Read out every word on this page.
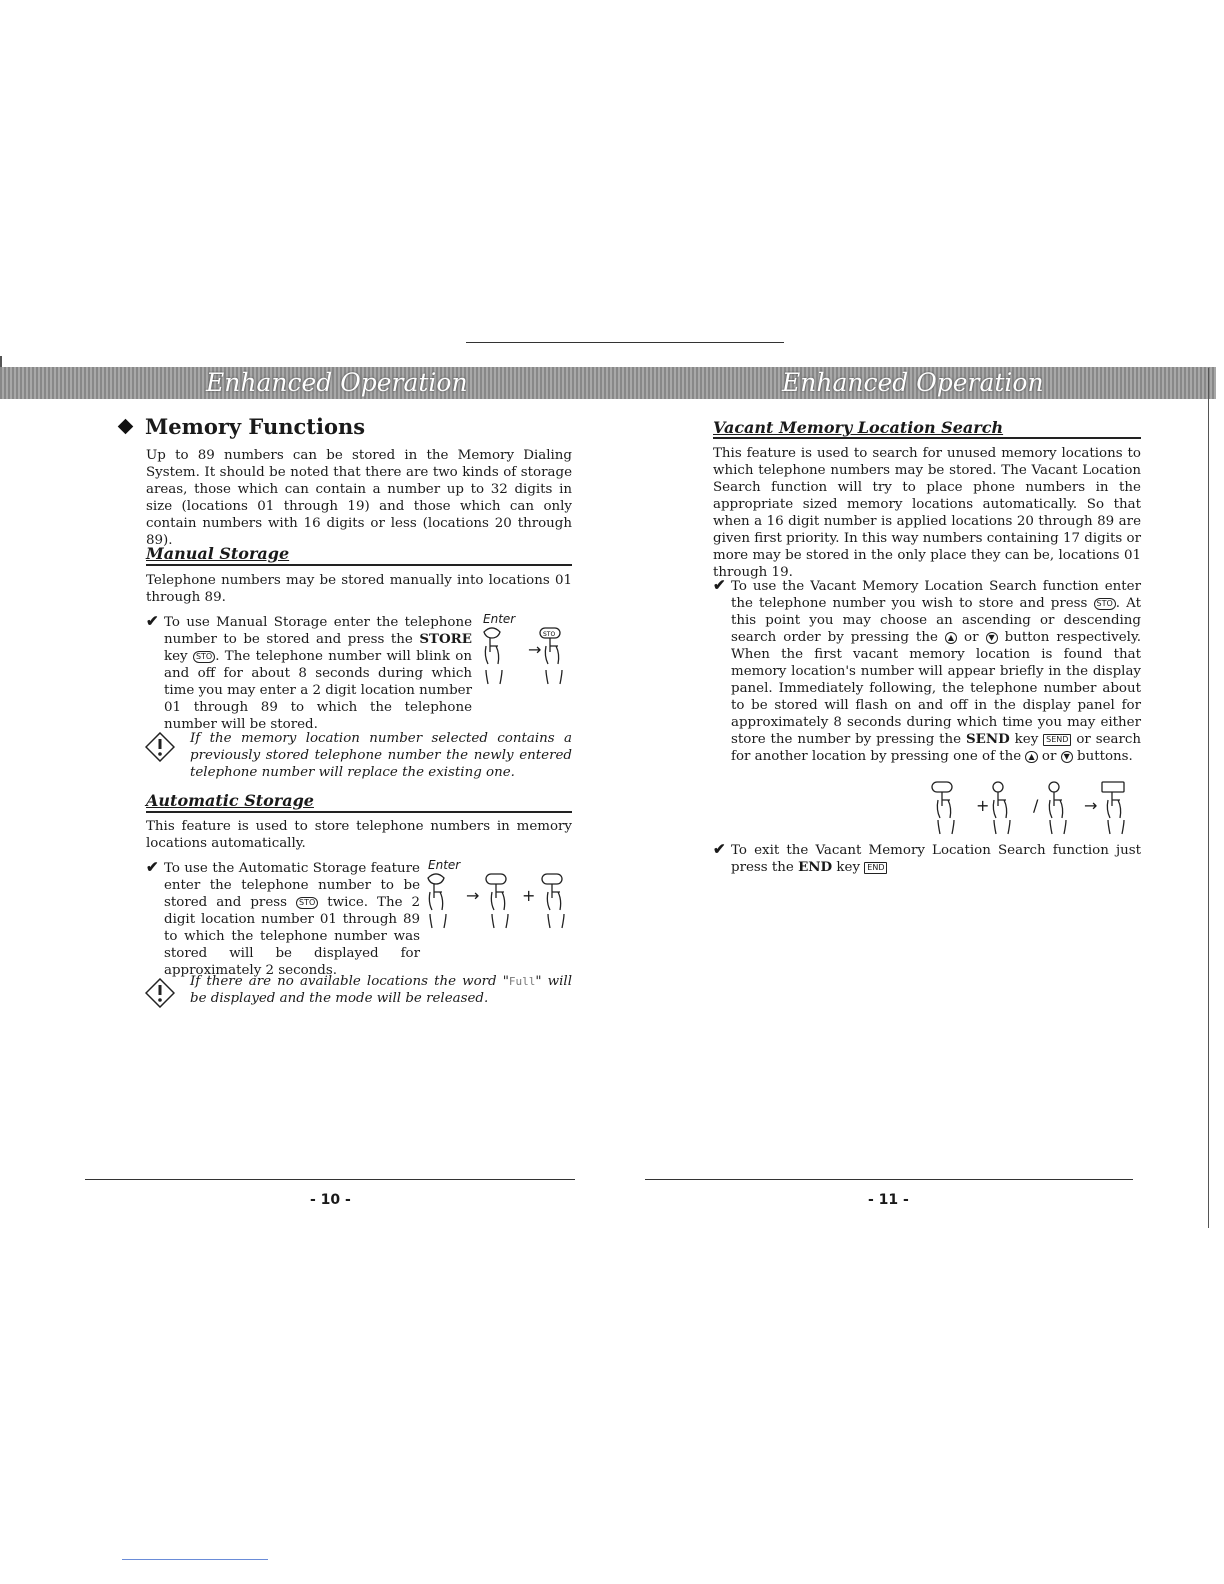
Enhanced Operation	Enhanced Operation
Memory Functions
Up to 89 numbers can be stored in the Memory Dialing System. It should be noted that there are two kinds of storage areas, those which can contain a number up to 32 digits in size (locations 01 through 19) and those which can only contain numbers with 16 digits or less (locations 20 through 89).
Manual Storage
Telephone numbers may be stored manually into locations 01 through 89.
✔ To use Manual Storage enter the telephone number to be stored and press the STORE key STO . The telephone number will blink on and off for about 8 seconds during which time you may enter a 2 digit location number 01 through 89 to which the telephone number will be stored.
Enter
STO
→
If the memory location number selected contains a previously stored telephone number the newly entered telephone number will replace the existing one.
Automatic Storage
This feature is used to store telephone numbers in memory locations automatically.
✔ To use the Automatic Storage feature enter the telephone number to be stored and press STO twice. The 2 digit location number 01 through 89 to which the telephone number was stored will be displayed for approximately 2 seconds.
Enter
→	+
If there are no available locations the word "Full" will be displayed and the mode will be released.
- 10 -
Vacant Memory Location Search
This feature is used to search for unused memory locations to which telephone numbers may be stored. The Vacant Location Search function will try to place phone numbers in the appropriate sized memory locations automatically. So that when a 16 digit number is applied locations 20 through 89 are given first priority. In this way numbers containing 17 digits or more may be stored in the only place they can be, locations 01 through 19.
✔ To use the Vacant Memory Location Search function enter the telephone number you wish to store and press STO . At this point you may choose an ascending or descending search order by pressing the ▲ or ▼ button respectively. When the first vacant memory location is found that memory location's number will appear briefly in the display panel. Immediately following, the telephone number about to be stored will flash on and off in the display panel for approximately 8 seconds during which time you may either store the number by pressing the SEND key SEND or search for another location by pressing one of the ▲ or ▼ buttons.
+	/	→
✔ To exit the Vacant Memory Location Search function just press the END key END
- 11 -
